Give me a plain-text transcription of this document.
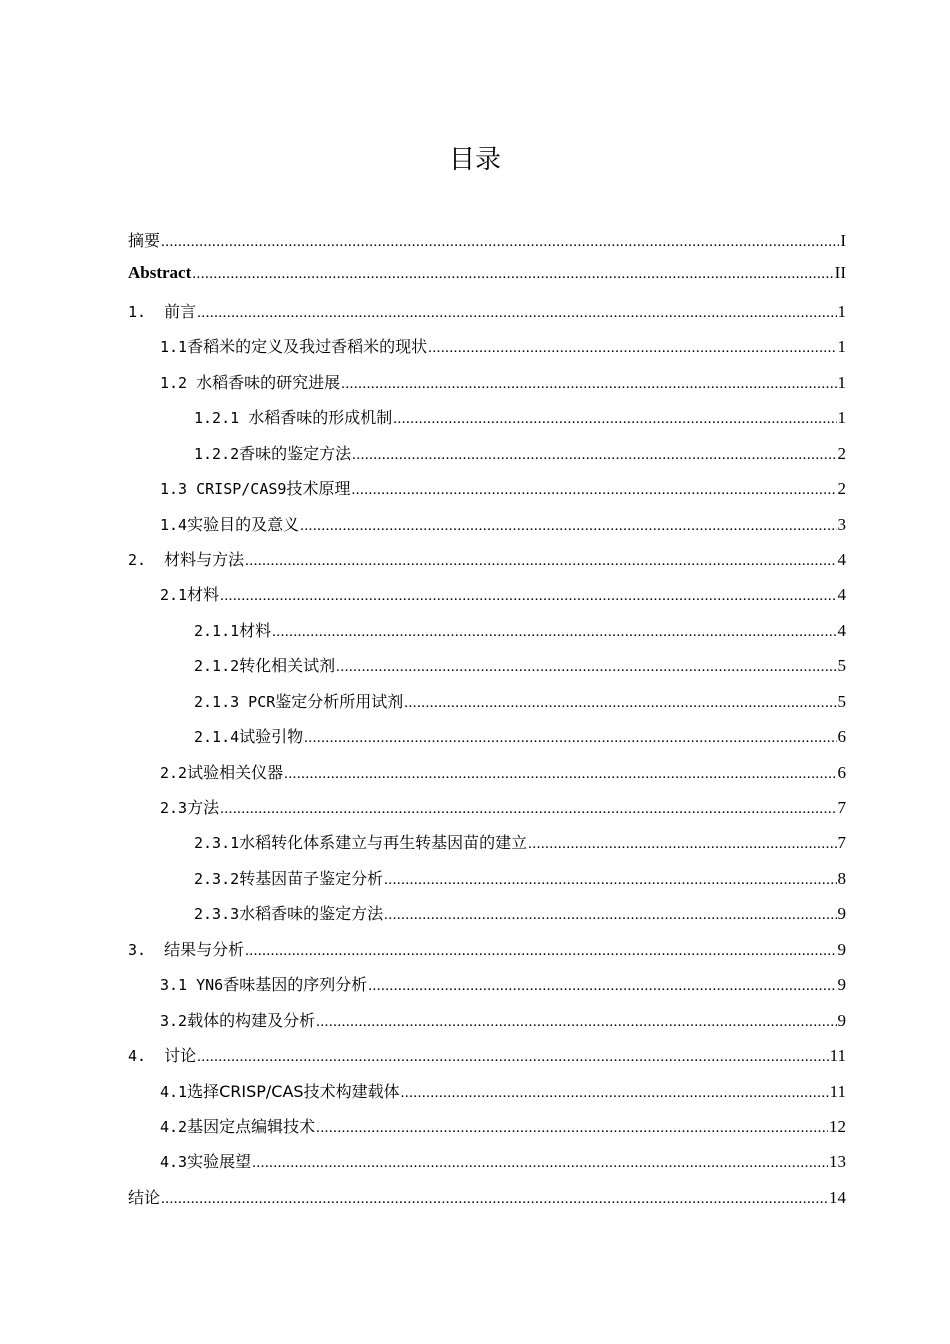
目录
摘要 .....	I
Abstract .....	II
1. 前言 .....	1
1.1 香稻米的定义及我过香稻米的现状 .....	1
1.2 水稻香味的研究进展 .....	1
1.2.1 水稻香味的形成机制 .....	1
1.2.2 香味的鉴定方法 .....	2
1.3 CRISP/CAS9 技术原理 .....	2
1.4 实验目的及意义 .....	3
2. 材料与方法 .....	4
2.1 材料 .....	4
2.1.1 材料 .....	4
2.1.2 转化相关试剂 .....	5
2.1.3 PCR 鉴定分析所用试剂 .....	5
2.1.4 试验引物 .....	6
2.2 试验相关仪器 .....	6
2.3 方法 .....	7
2.3.1 水稻转化体系建立与再生转基因苗的建立 .....	7
2.3.2 转基因苗子鉴定分析 .....	8
2.3.3 水稻香味的鉴定方法 .....	9
3. 结果与分析 .....	9
3.1 YN6 香味基因的序列分析 .....	9
3.2 载体的构建及分析 .....	9
4. 讨论 .....	11
4.1 选择CRISP/CAS技术构建载体 .....	11
4.2 基因定点编辑技术 .....	12
4.3 实验展望 .....	13
结论 .....	14
